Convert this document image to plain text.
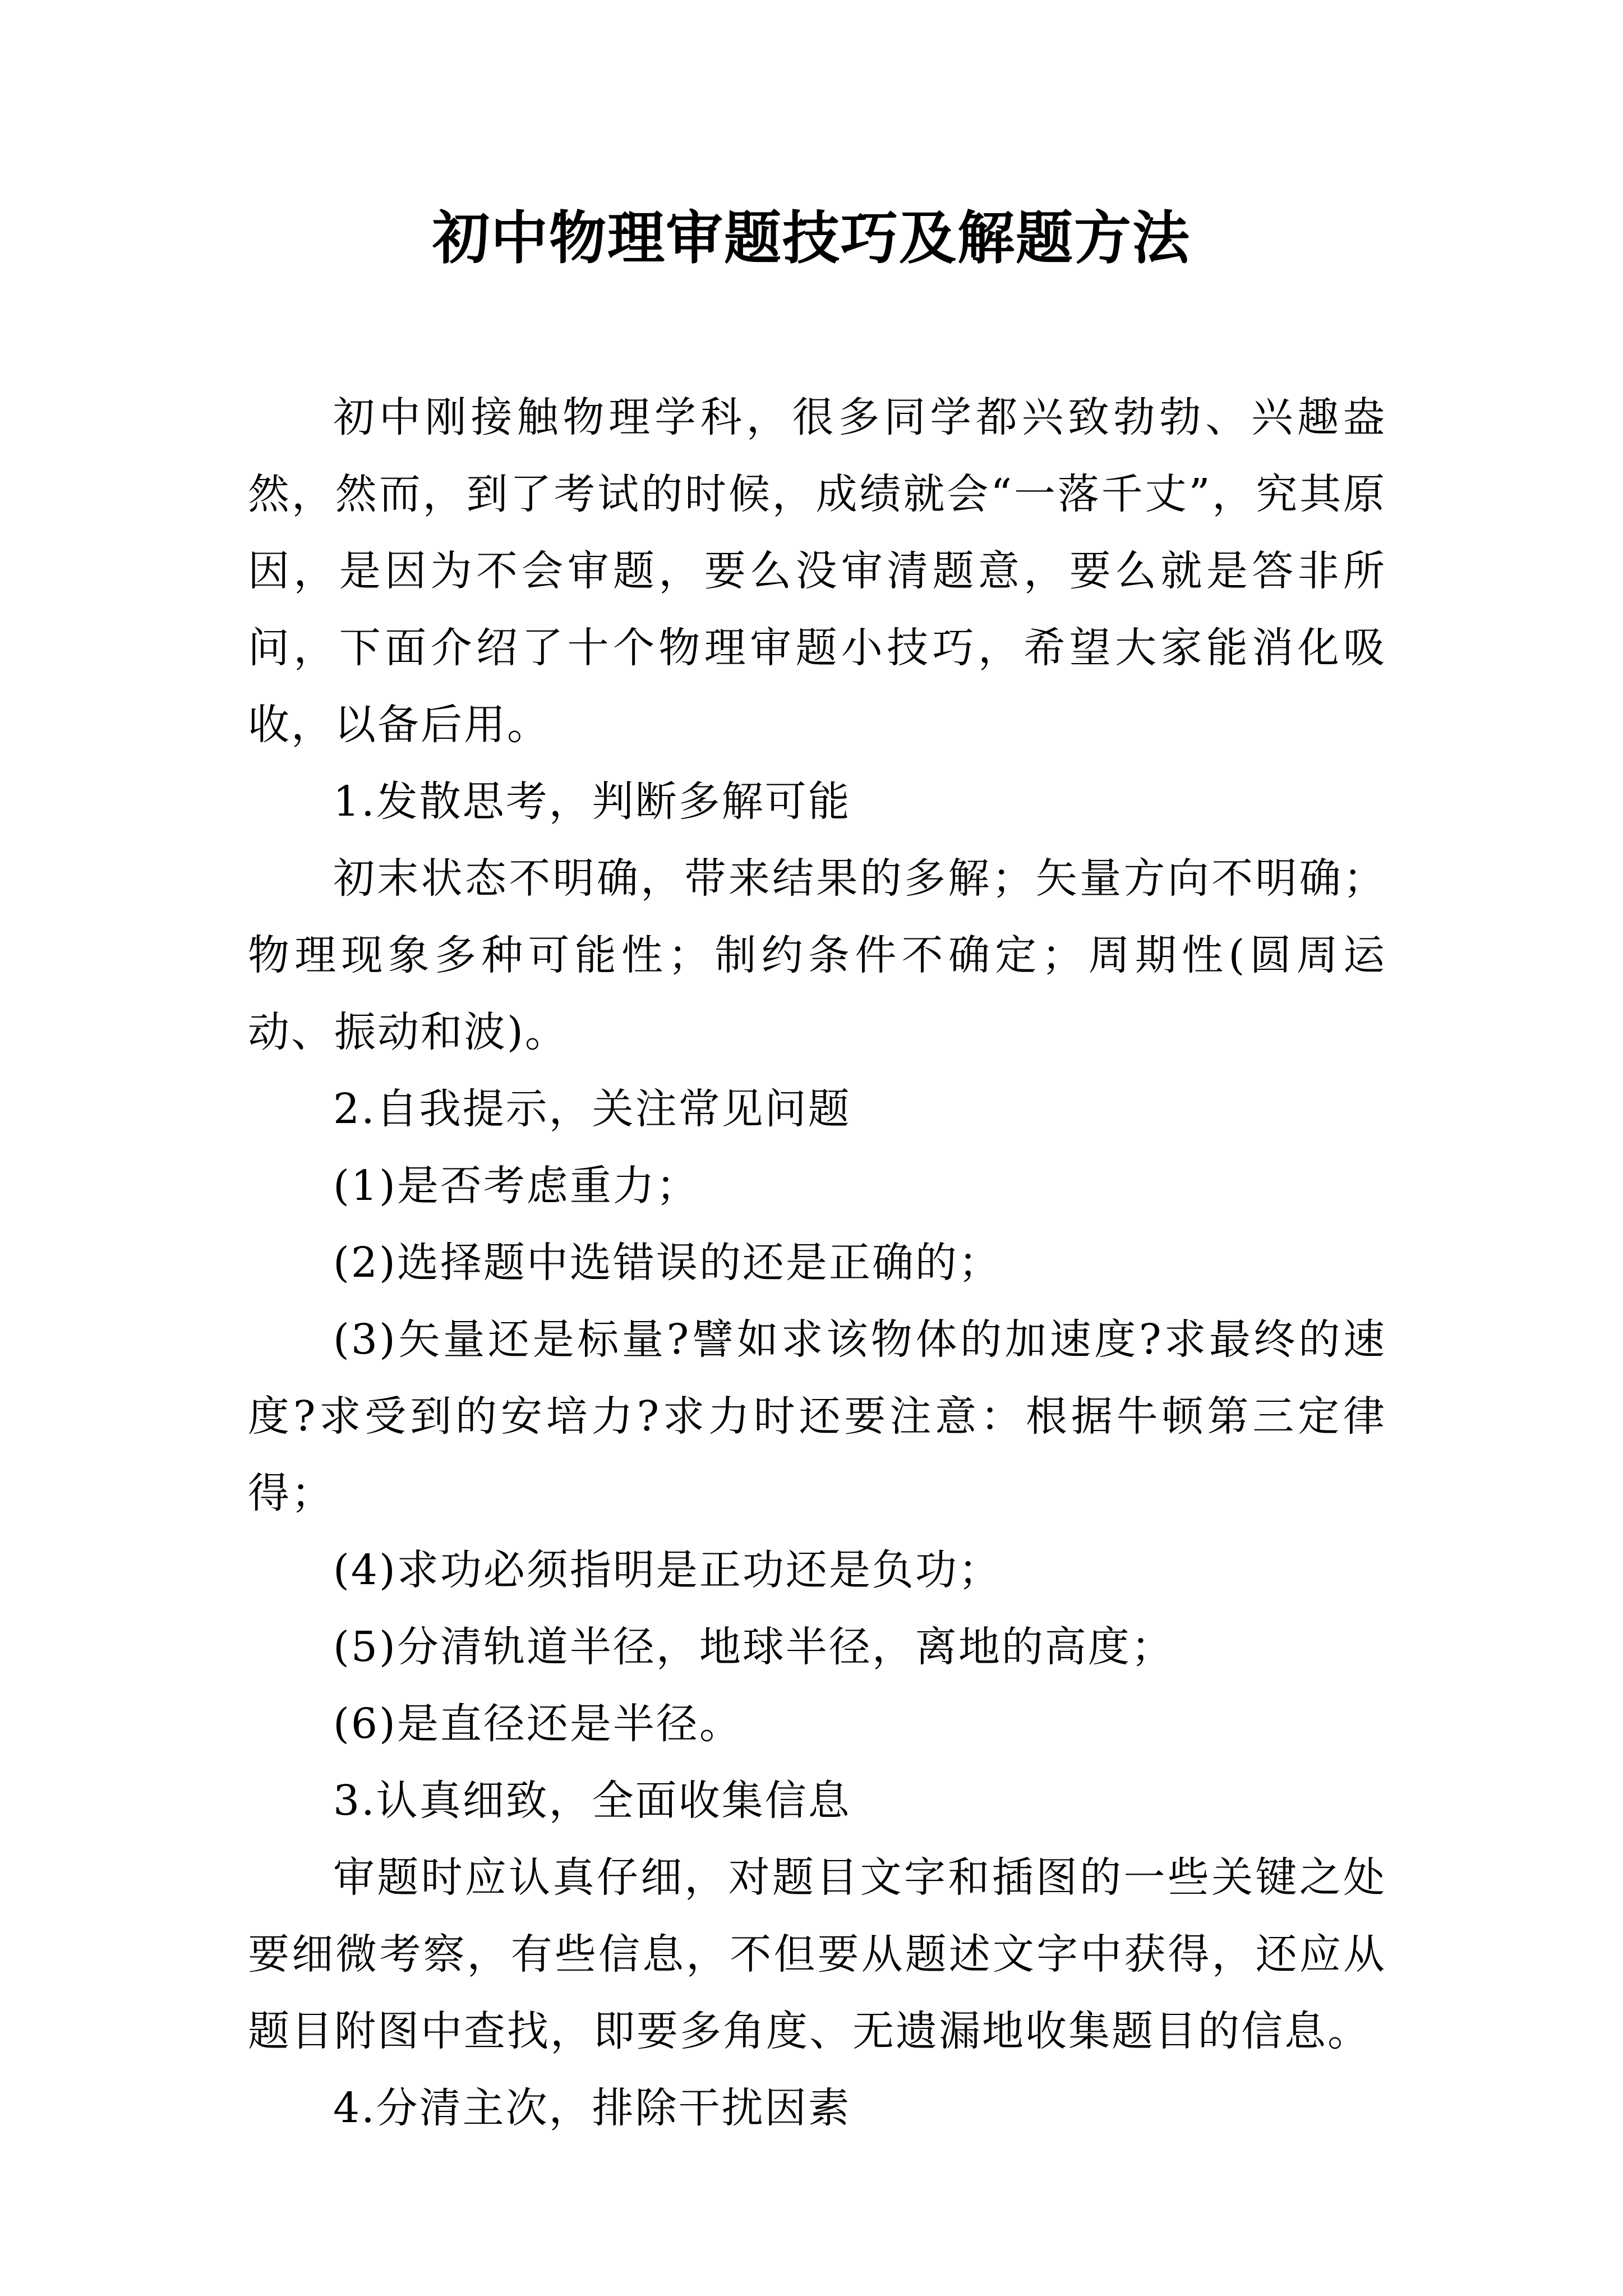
初中物理审题技巧及解题方法

初中刚接触物理学科，很多同学都兴致勃勃、兴趣盎然，然而，到了考试的时候，成绩就会“一落千丈”，究其原因，是因为不会审题，要么没审清题意，要么就是答非所问，下面介绍了十个物理审题小技巧，希望大家能消化吸收，以备后用。

1.发散思考，判断多解可能

初末状态不明确，带来结果的多解；矢量方向不明确；物理现象多种可能性；制约条件不确定；周期性(圆周运动、振动和波)。

2.自我提示，关注常见问题

(1)是否考虑重力；

(2)选择题中选错误的还是正确的；

(3)矢量还是标量?譬如求该物体的加速度?求最终的速度?求受到的安培力?求力时还要注意：根据牛顿第三定律得；

(4)求功必须指明是正功还是负功；

(5)分清轨道半径，地球半径，离地的高度；

(6)是直径还是半径。

3.认真细致，全面收集信息

审题时应认真仔细，对题目文字和插图的一些关键之处要细微考察，有些信息，不但要从题述文字中获得，还应从题目附图中查找，即要多角度、无遗漏地收集题目的信息。

4.分清主次，排除干扰因素
